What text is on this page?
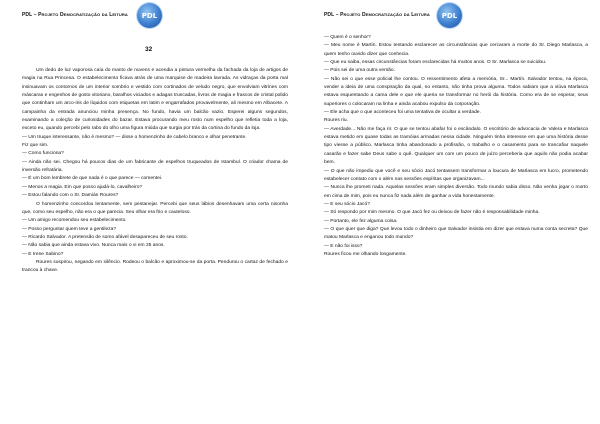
PDL – Projeto Democratização da Leitura PDL
32

Um dedo de luz vaporosa caía do manto de nuvens e acendia a pintura vermelha da fachada da loja de artigos de magia na Rua Princesa. O estabelecimento ficava atrás de uma marquise de madeira lavrada. As vidraças da porta mal insinuavam os contornos de um interior sombrio e vestido com cortinados de veludo negro, que envolviam vitrines com máscaras e engenhos de gosto vitoriano, baralhos viciados e adagas truncadas, livros de magia e frascos de cristal polido que continham um arco-íris de líquidos com etiquetas em latim e engarrafados provavelmente, ali mesmo em Albacete. A campainha da entrada anunciou minha presença. No fundo, havia um balcão vazio. Esperei alguns segundos, examinando a coleção de curiosidades do bazar. Estava procurando meu rosto num espelho que refletia toda a loja, exceto eu, quando percebi pelo rabo do olho uma figura miúda que surgia por trás da cortina do fundo da loja.

— Um truque interessante, não é mesmo? — disse o homenzinho de cabelo branco e olhar penetrante.

Fiz que sim.

— Como funciona?

— Ainda não sei. Chegou há poucos dias de um fabricante de espelhos truqueados de Istambul. O criador chama de inversão refratária.

— É um bom lembrete de que nada é o que parece — comentei.

— Menos a magia. Em que posso ajudá-lo, cavalheiro?

— Estou falando com o Sr. Damián Roures?

O homenzinho concordou lentamente, sem pestanejar. Percebi que seus lábios desenhavam uma certa nisonha que, como seu espelho, não era o que parecia. Seu olhar era frio e cauteloso.

— Um amigo recomendou seu estabelecimento.

— Posso perguntar quem teve a gentileza?

— Ricardo Salvador. A pretensão de somo afável desapareceu de seu rosto.

— Não sabia que ainda estava vivo. Nunca mais o vi em 25 anos.

— E Irene Sabino?

Roures suspirou, negando em silêncio. Rodeou o balcão e aproximou-se da porta. Pendurou o cartaz de fechado e trancou à chave.

PDL – Projeto Democratização da Leitura PDL

— Quem é o senhor?

— Meu nome é Martín. Estou tentando esclarecer as circunstâncias que cercaram a morte do Sr. Diego Marlasca, a quem tenho ouvido dizer que conhecia.

— Que eu saiba, essas circunstâncias foram esclarecidas há muitos anos. O Sr. Marlasca se suicidou.

— Pois sei de uma outra versão.

— Não sei o que esse policial lhe contou. O ressentimento afeta a memória, Sr... Martín. Salvador tentou, na época, vender a ideia de uma conspiração da qual, no entanto, não tinha prova alguma. Todos sabiam que a viúva Marlasca estava esquentando a cama dele e que ele queria se transformar no herói da história. Como era de se esperar, seus superiores o colocaram na linha e ainda acabou expulso da corporação.

— Ele acha que o que aconteceu foi uma tentativa de ocultar a verdade.

Roures riu.

— Averdade... Não me faça rir. O que se tentou abafar foi o escândalo. O escritório de advocacia de Valera e Marlasca estava metido em quase todas as tramóias armadas nessa cidade. Ninguém tinha interesse em que uma história desse tipo viesse a público. Marlasca tinha abandonado a profissão, o trabalho e o casamento para se trancafiar naquele casarão e fazer sabe Deus sabe o quê. Qualquer um com um pouco de juízo perceberia que aquilo não podia acabar bem.

— O que não impediu que você e seu sócio Jacó tentassem transformar a loucura de Marlasca em lucro, prometendo estabelecer contato com o além nas sessões espíritas que organizavam...

— Nunca lhe prometi nada. Aquelas sessões eram simples diversão. Todo mundo sabia disso. Não venha jogar o morto em cima de mim, pois eu nunca fiz nada além de ganhar a vida honestamente.

— E seu sócio Jacó?

— Só respondo por mim mesmo. O que Jacó fez ou deixou de fazer não é responsabilidade minha.

— Portanto, ele fez alguma coisa.

— O que quer que diga? Que levou todo o dinheiro que Salvador insistia em dizer que estava numa conta secreta? Que matou Marlasca e enganou todo mundo?

— E não foi isso?

Roures ficou me olhando longamente.
